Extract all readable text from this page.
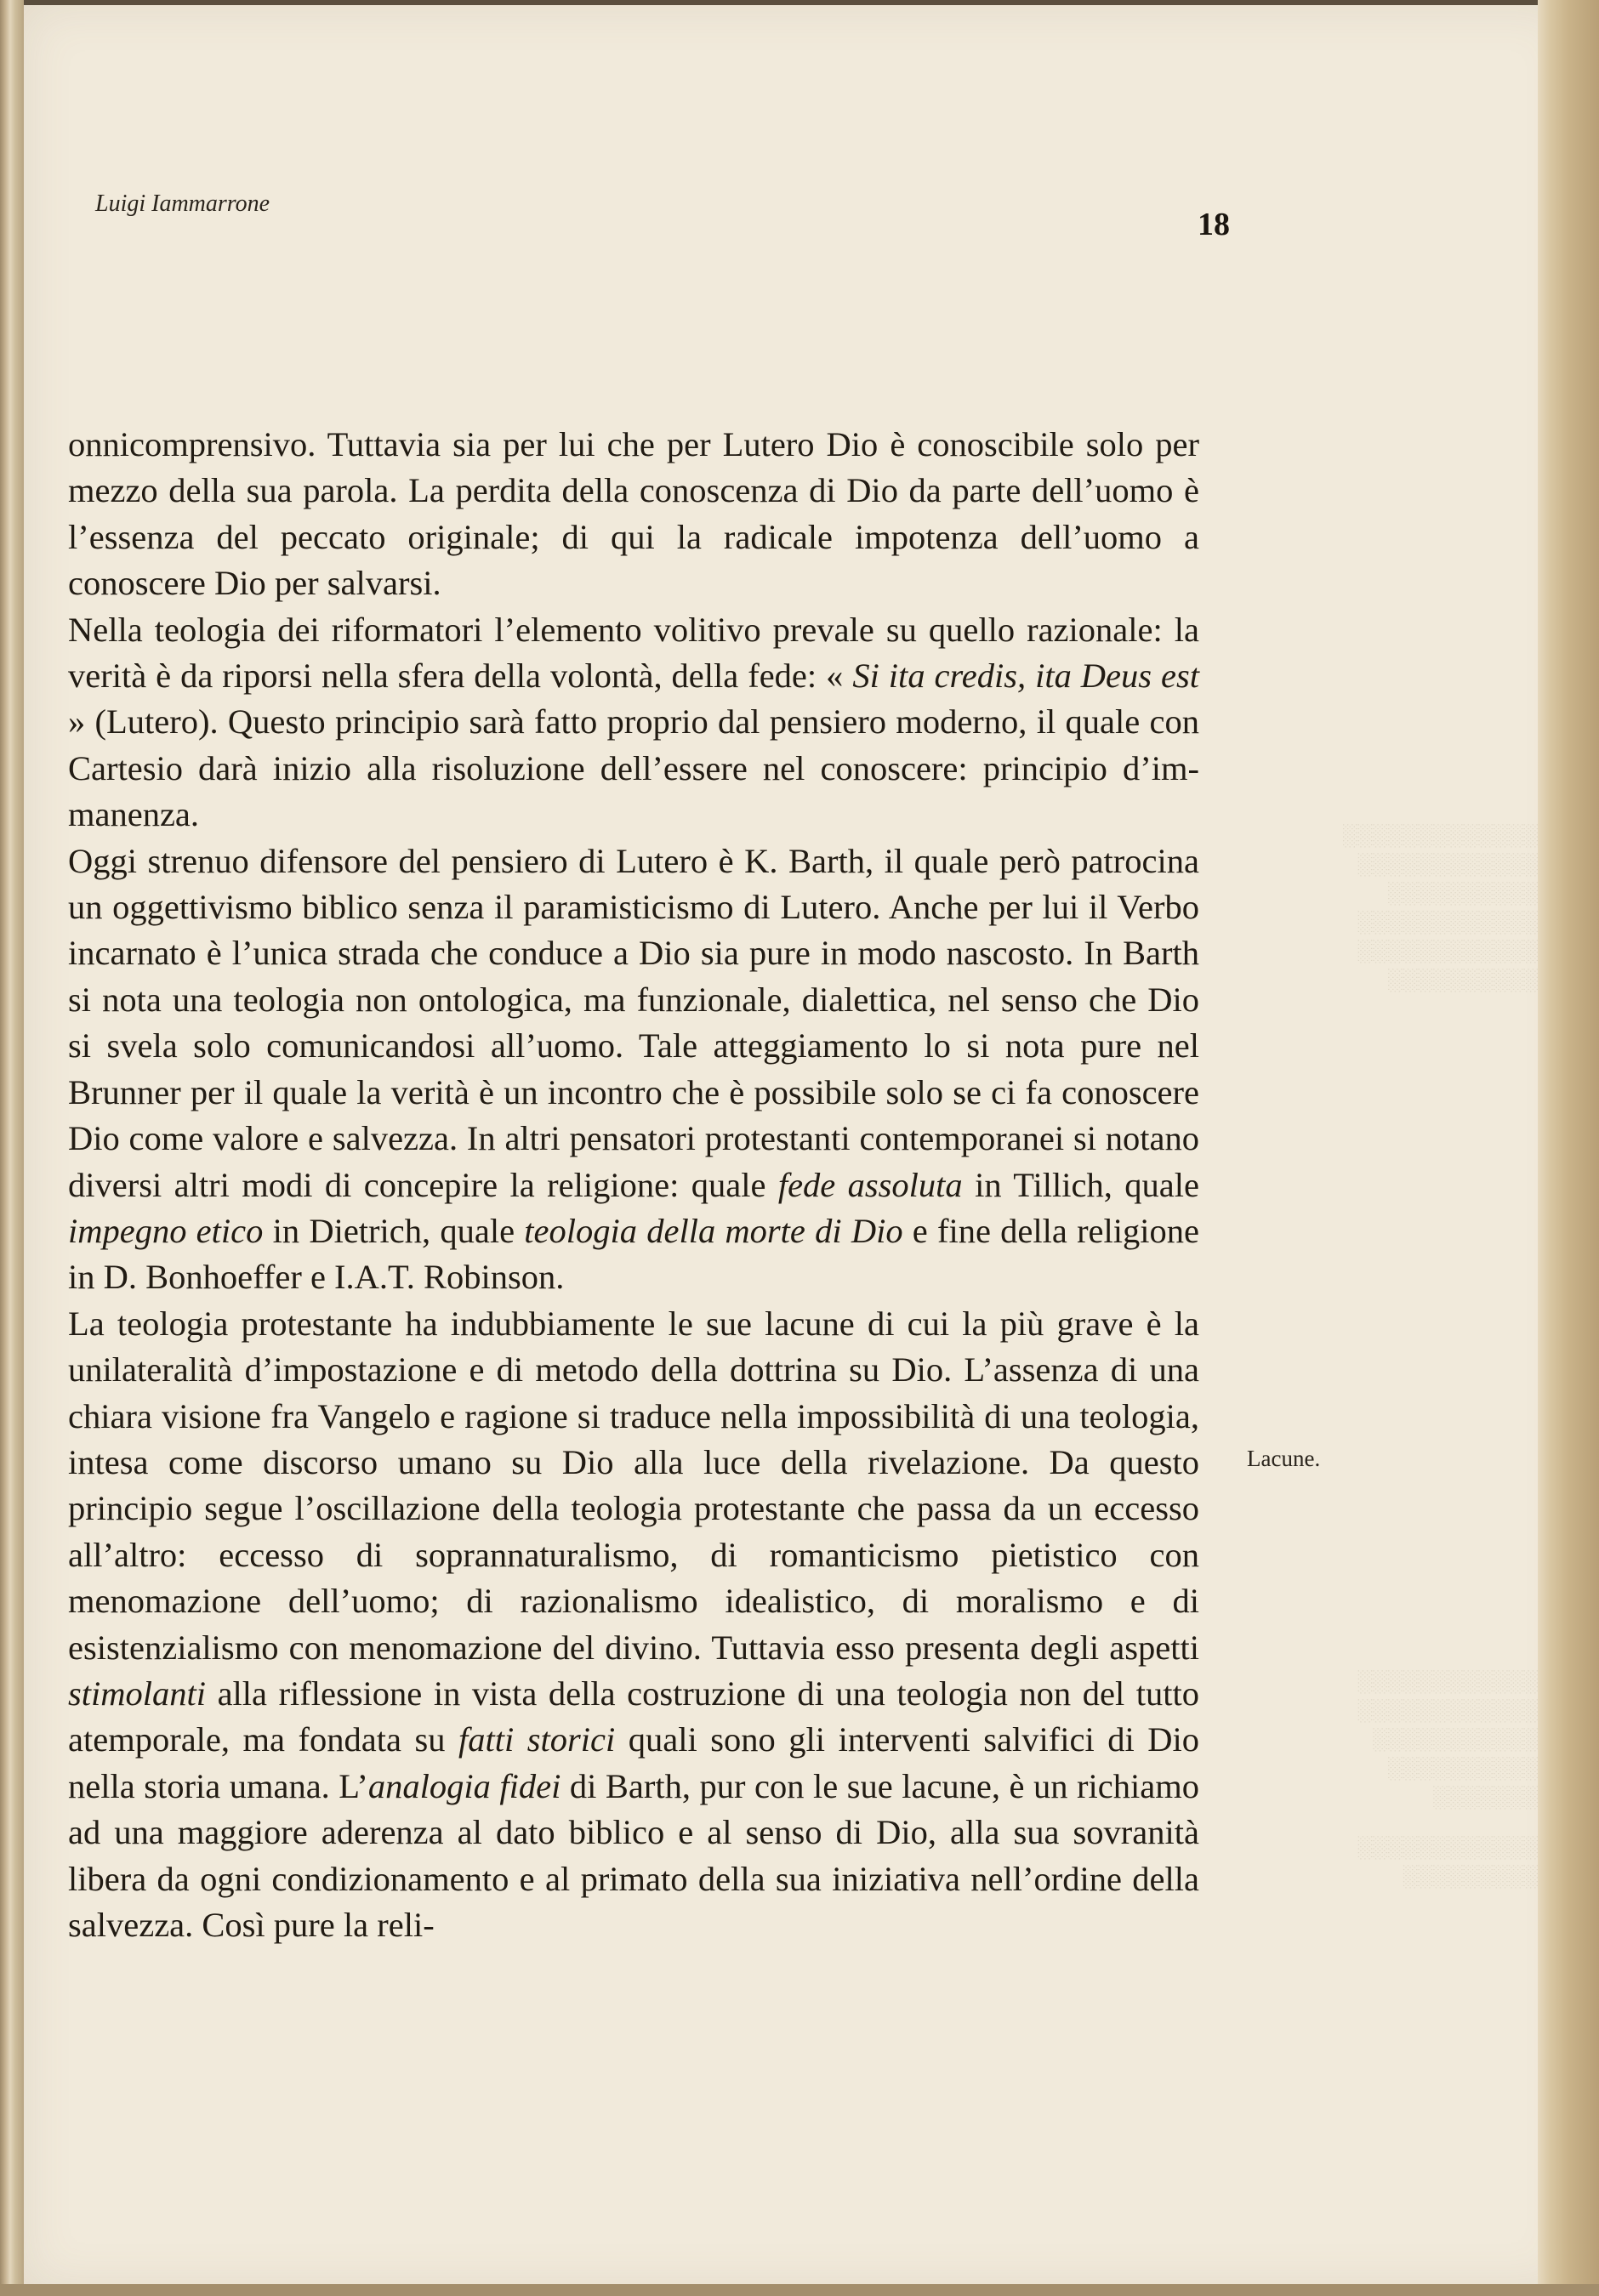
░░░░░░░░░░░░░
░░░░░░░░░░░░
░░░░░░░░░░
░░░░░░░░░░░░
░░░░░░░░░░░░
░░░░░░░░░░
░░░░░░░░░░░░
░░░░░░░░░░░░
░░░░░░░░░░░
░░░░░░░░░░
░░░░░░░
░░░░░░░░░░░░
░░░░░░░░░
Luigi Iammarrone
18

onnicomprensivo. Tuttavia sia per lui che per Lutero Dio è conoscibile solo per mezzo della sua parola. La perdita della conoscenza di Dio da parte dell’uomo è l’essenza del peccato originale; di qui la radicale impotenza dell’uomo a conoscere Dio per salvarsi.

Nella teologia dei riformatori l’elemento volitivo prevale su quello razionale: la verità è da riporsi nella sfera della volontà, della fede: « Si ita credis, ita Deus est » (Lutero). Questo principio sarà fatto proprio dal pensiero moderno, il quale con Cartesio darà inizio alla risoluzione dell’essere nel conoscere: principio d’immanenza.

Oggi strenuo difensore del pensiero di Lutero è K. Barth, il quale però patrocina un oggettivismo biblico senza il paramisticismo di Lutero. Anche per lui il Verbo incarnato è l’unica strada che conduce a Dio sia pure in modo nascosto. In Barth si nota una teologia non ontologica, ma funzionale, dialettica, nel senso che Dio si svela solo comunicandosi all’uomo. Tale atteggiamento lo si nota pure nel Brunner per il quale la verità è un incontro che è possibile solo se ci fa conoscere Dio come valore e salvezza. In altri pensatori protestanti contemporanei si notano diversi altri modi di concepire la religione: quale fede assoluta in Tillich, quale impegno etico in Dietrich, quale teologia della morte di Dio e fine della religione in D. Bonhoeffer e I.A.T. Robinson.

La teologia protestante ha indubbiamente le sue lacune di cui la più grave è la unilateralità d’impostazione e di metodo della dottrina su Dio. L’assenza di una chiara visione fra Vangelo e ragione si traduce nella impossibilità di una teologia, intesa come discorso umano su Dio alla luce della rivelazione. Da questo principio segue l’oscillazione della teologia protestante che passa da un eccesso all’altro: eccesso di soprannaturalismo, di romanticismo pietistico con menomazione dell’uomo; di razionalismo idealistico, di moralismo e di esistenzialismo con menomazione del divino. Tuttavia esso presenta degli aspetti stimolanti alla riflessione in vista della costruzione di una teologia non del tutto atemporale, ma fondata su fatti storici quali sono gli interventi salvifici di Dio nella storia umana. L’analogia fidei di Barth, pur con le sue lacune, è un richiamo ad una maggiore aderenza al dato biblico e al senso di Dio, alla sua sovranità libera da ogni condizionamento e al primato della sua iniziativa nell’ordine della salvezza. Così pure la reli-

Lacune.
